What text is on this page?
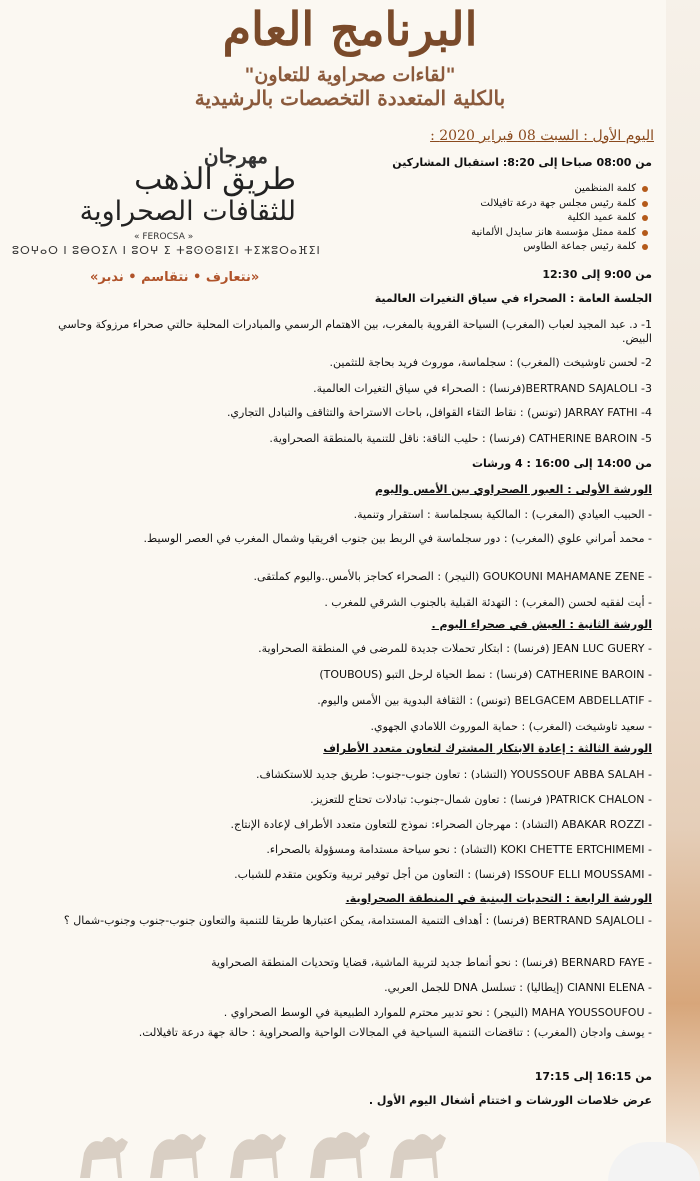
البرنامج العام
"لقاءات صحراوية للتعاون"
بالكلية المتعددة التخصصات بالرشيدية
مهرجان
طريق الذهب
للثقافات الصحراوية
« FEROCSA »
ⵓⵔⵖⴰⵔ ⵏ ⵓⴱⵔⵉⴷ ⵏ ⵓⵔⵖ ⵉ ⵜⵓⵙⵙⵓⵏⵉⵏ ⵜⵉⵣⵓⵔⴰⴼⵉⵏ
«نتعارف • نتقاسم • ندبر»
اليوم الأول : السبت 08 فبراير 2020 :
من 08:00 صباحا إلى 8:20: استقبال المشاركين
كلمة المنظمين
كلمة رئيس مجلس جهة درعة تافيلالت
كلمة عميد الكلية
كلمة ممثل مؤسسة هانز سايدل الألمانية
كلمة رئيس جماعة الطاوس
من 9:00 إلى 12:30
الجلسة العامة : الصحراء في سياق التغيرات العالمية
1- د. عبد المجيد لعباب (المغرب) السياحة القروية بالمغرب، بين الاهتمام الرسمي والمبادرات المحلية حالتي صحراء مرزوكة وحاسي البيض.
2- لحسن تاوشيخت (المغرب) : سجلماسة، موروث فريد بحاجة للتثمين.
3- BERTRAND SAJALOLI(فرنسا) : الصحراء في سياق التغيرات العالمية.
4- JARRAY FATHI (تونس) : نقاط التقاء القوافل، باحات الاستراحة والتثاقف والتبادل التجاري.
5- CATHERINE BAROIN (فرنسا) : حليب الناقة: ناقل للتنمية بالمنطقة الصحراوية.
من 14:00 إلى 16:00 : 4 ورشات
الورشة الأولى : العبور الصحراوي بين الأمس واليوم
- الحبيب العيادي (المغرب) : المالكية بسجلماسة : استقرار وتنمية.
- محمد أمراني علوي (المغرب) : دور سجلماسة في الربط بين جنوب افريقيا وشمال المغرب في العصر الوسيط.
- GOUKOUNI MAHAMANE ZENE (النيجر) : الصحراء كحاجز بالأمس..واليوم كملتقى.
- أيت لفقيه لحسن (المغرب) : التهدئة القبلية بالجنوب الشرقي للمغرب .
الورشة الثانية : العيش في صحراء اليوم .
- JEAN LUC GUERY (فرنسا) : ابتكار تحملات جديدة للمرضى في المنطقة الصحراوية.
- CATHERINE BAROIN (فرنسا) : نمط الحياة لرحل التبو (TOUBOUS)
- BELGACEM ABDELLATIF (تونس) : الثقافة البدوية بين الأمس واليوم.
- سعيد تاوشيخت (المغرب) : حماية الموروث اللامادي الجهوي.
الورشة الثالثة : إعادة الابتكار المشترك لتعاون متعدد الأطراف
- YOUSSOUF ABBA SALAH (التشاد) : تعاون جنوب-جنوب: طريق جديد للاستكشاف.
- PATRICK CHALON( فرنسا) : تعاون شمال-جنوب: تبادلات تحتاج للتعزيز.
- ABAKAR ROZZI (التشاد) : مهرجان الصحراء: نموذج للتعاون متعدد الأطراف لإعادة الإنتاج.
- KOKI CHETTE ERTCHIMEMI (التشاد) : نحو سياحة مستدامة ومسؤولة بالصحراء.
- ISSOUF ELLI MOUSSAMI (فرنسا) : التعاون من أجل توفير تربية وتكوين متقدم للشباب.
الورشة الرابعة : التحديات البينية في المنطقة الصحراوية.
- BERTRAND SAJALOLI (فرنسا) : أهداف التنمية المستدامة، يمكن اعتبارها طريقا للتنمية والتعاون جنوب-جنوب وجنوب-شمال ؟
- BERNARD FAYE (فرنسا) : نحو أنماط جديد لتربية الماشية، قضايا وتحديات المنطقة الصحراوية
- CIANNI ELENA (إيطاليا) : تسلسل DNA للجمل العربي.
- MAHA YOUSSOUFOU (النيجر) : نحو تدبير محترم للموارد الطبيعية في الوسط الصحراوي .
- يوسف وادجان (المغرب) : تناقضات التنمية السياحية في المجالات الواحية والصحراوية : حالة جهة درعة تافيلالت.
من 16:15 إلى 17:15
عرض خلاصات الورشات و اختتام أشغال اليوم الأول .
